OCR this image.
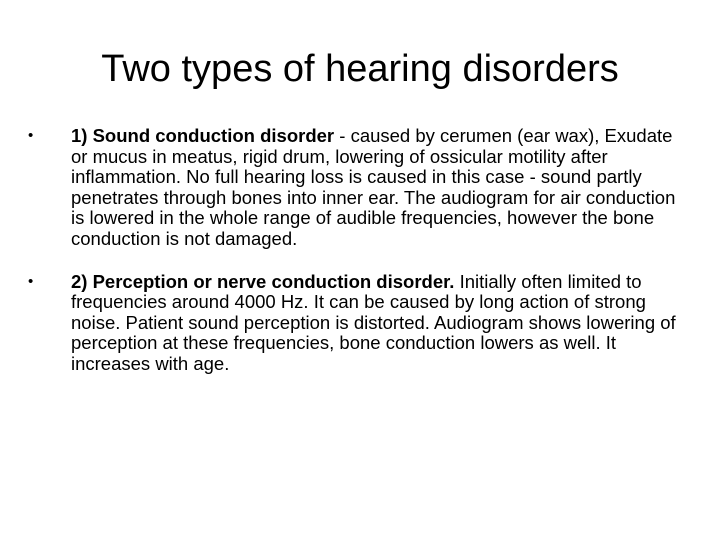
Two types of hearing disorders
•	1) Sound conduction disorder - caused by cerumen (ear wax), Exudate or mucus in meatus, rigid drum, lowering of ossicular motility after inflammation. No full hearing loss is caused in this case - sound partly penetrates through bones into inner ear. The audiogram for air conduction is lowered in the whole range of audible frequencies, however the bone conduction is not damaged.
•	2) Perception or nerve conduction disorder. Initially often limited to frequencies around 4000 Hz. It can be caused by long action of strong noise. Patient sound perception is distorted. Audiogram shows lowering of perception at these frequencies, bone conduction lowers as well. It increases with age.
